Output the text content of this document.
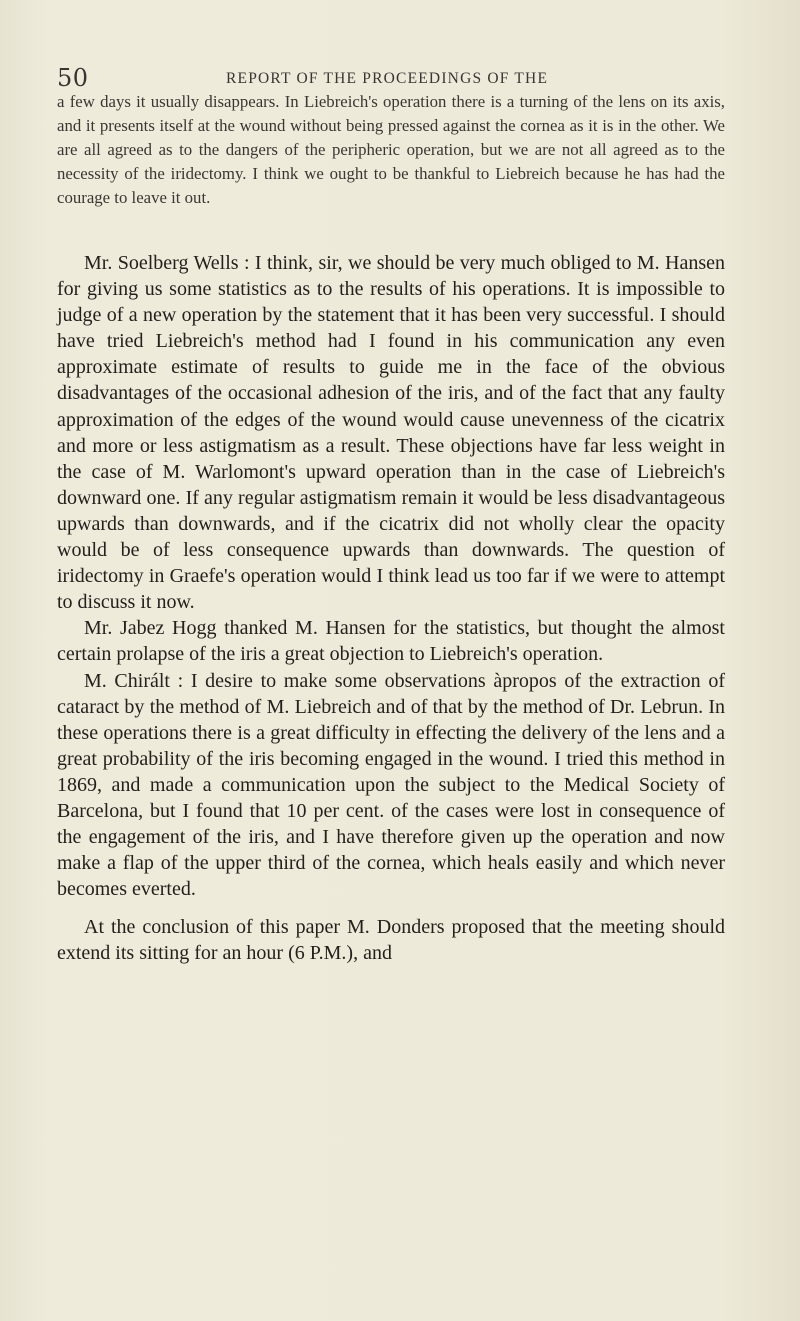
50	REPORT OF THE PROCEEDINGS OF THE

a few days it usually disappears. In Liebreich's operation there is a turning of the lens on its axis, and it presents itself at the wound without being pressed against the cornea as it is in the other. We are all agreed as to the dangers of the peripheric operation, but we are not all agreed as to the necessity of the iridectomy. I think we ought to be thankful to Liebreich because he has had the courage to leave it out.

Mr. Soelberg Wells : I think, sir, we should be very much obliged to M. Hansen for giving us some statistics as to the results of his operations. It is impossible to judge of a new operation by the statement that it has been very successful. I should have tried Liebreich's method had I found in his communication any even approximate estimate of results to guide me in the face of the obvious disadvantages of the occasional adhesion of the iris, and of the fact that any faulty approximation of the edges of the wound would cause unevenness of the cicatrix and more or less astigmatism as a result. These objections have far less weight in the case of M. Warlomont's upward operation than in the case of Liebreich's downward one. If any regular astigmatism remain it would be less disadvantageous upwards than downwards, and if the cicatrix did not wholly clear the opacity would be of less consequence upwards than downwards. The question of iridectomy in Graefe's operation would I think lead us too far if we were to attempt to discuss it now.

Mr. Jabez Hogg thanked M. Hansen for the statistics, but thought the almost certain prolapse of the iris a great objection to Liebreich's operation.

M. Chirált : I desire to make some observations àpropos of the extraction of cataract by the method of M. Liebreich and of that by the method of Dr. Lebrun. In these operations there is a great difficulty in effecting the delivery of the lens and a great probability of the iris becoming engaged in the wound. I tried this method in 1869, and made a communication upon the subject to the Medical Society of Barcelona, but I found that 10 per cent. of the cases were lost in consequence of the engagement of the iris, and I have therefore given up the operation and now make a flap of the upper third of the cornea, which heals easily and which never becomes everted.

At the conclusion of this paper M. Donders proposed that the meeting should extend its sitting for an hour (6 P.M.), and
